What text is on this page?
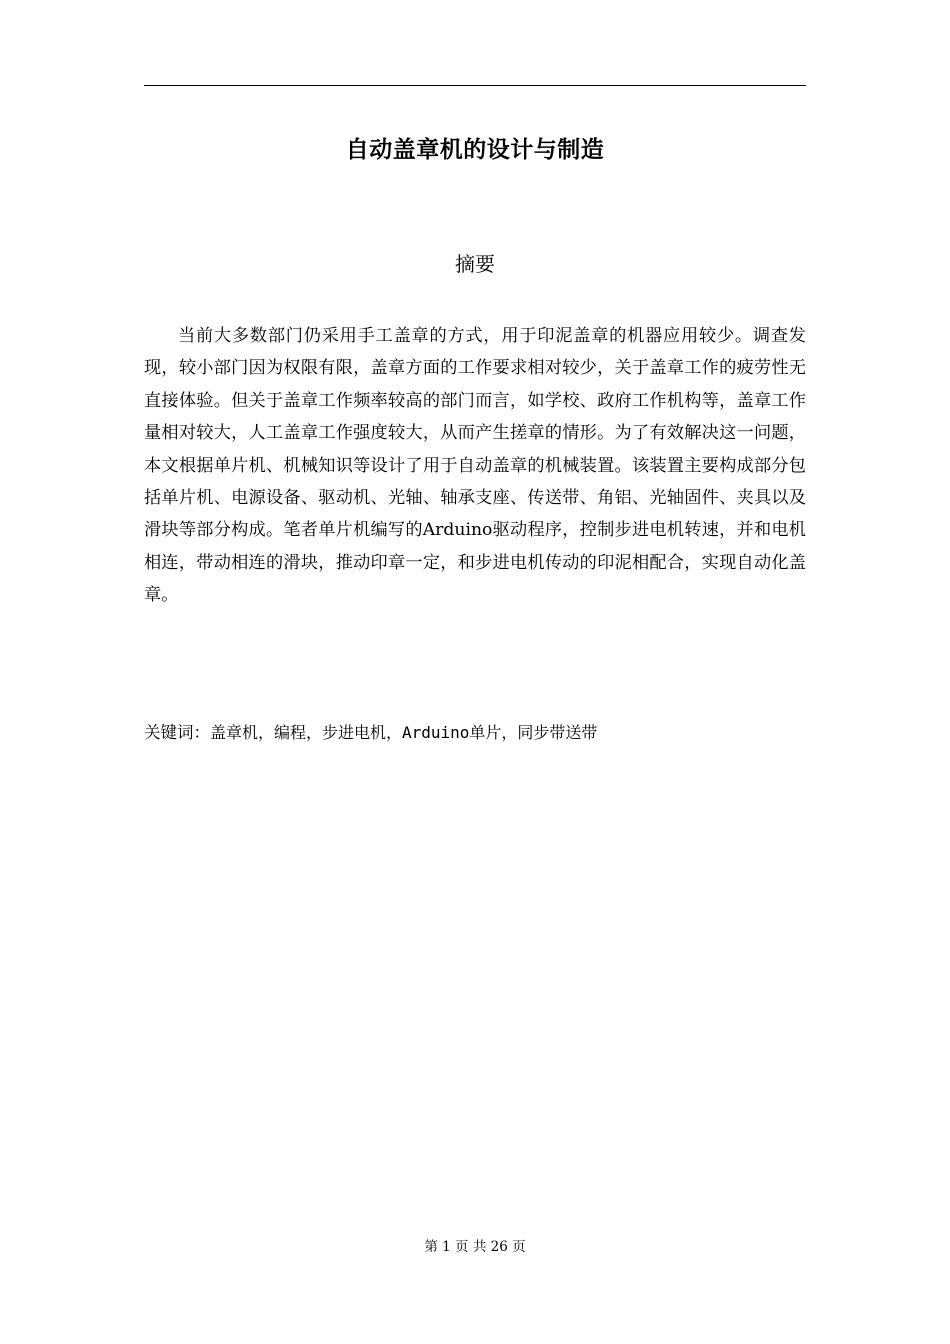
自动盖章机的设计与制造
摘要

当前大多数部门仍采用手工盖章的方式，用于印泥盖章的机器应用较少。调查发现，较小部门因为权限有限，盖章方面的工作要求相对较少，关于盖章工作的疲劳性无直接体验。但关于盖章工作频率较高的部门而言，如学校、政府工作机构等，盖章工作量相对较大，人工盖章工作强度较大，从而产生搓章的情形。为了有效解决这一问题，本文根据单片机、机械知识等设计了用于自动盖章的机械装置。该装置主要构成部分包括单片机、电源设备、驱动机、光轴、轴承支座、传送带、角铝、光轴固件、夹具以及滑块等部分构成。笔者单片机编写的Arduino驱动程序，控制步进电机转速，并和电机相连，带动相连的滑块，推动印章一定，和步进电机传动的印泥相配合，实现自动化盖章。

关键词：盖章机，编程，步进电机，Arduino单片，同步带送带
第 1 页 共 26 页
